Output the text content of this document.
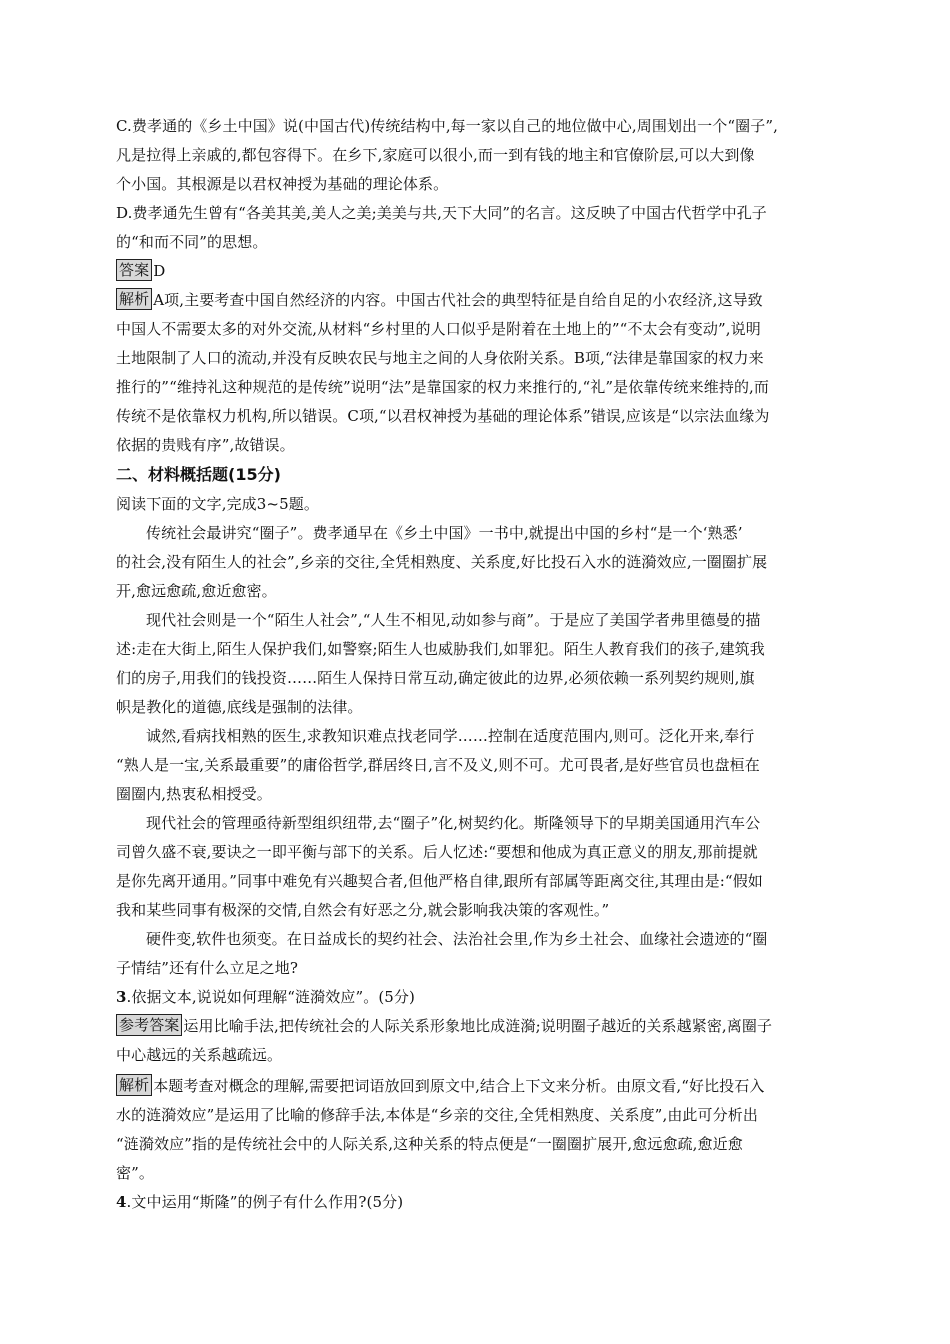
C.费孝通的《乡土中国》说(中国古代)传统结构中,每一家以自己的地位做中心,周围划出一个“圈子”,
凡是拉得上亲戚的,都包容得下。在乡下,家庭可以很小,而一到有钱的地主和官僚阶层,可以大到像
个小国。其根源是以君权神授为基础的理论体系。
D.费孝通先生曾有“各美其美,美人之美;美美与共,天下大同”的名言。这反映了中国古代哲学中孔子
的“和而不同”的思想。
答案 D
解析 A项,主要考查中国自然经济的内容。中国古代社会的典型特征是自给自足的小农经济,这导致
中国人不需要太多的对外交流,从材料“乡村里的人口似乎是附着在土地上的”“不太会有变动”,说明
土地限制了人口的流动,并没有反映农民与地主之间的人身依附关系。B项,“法律是靠国家的权力来
推行的”“维持礼这种规范的是传统”说明“法”是靠国家的权力来推行的,“礼”是依靠传统来维持的,而
传统不是依靠权力机构,所以错误。C项,“以君权神授为基础的理论体系”错误,应该是“以宗法血缘为
依据的贵贱有序”,故错误。
二、材料概括题(15分)
阅读下面的文字,完成3~5题。
传统社会最讲究“圈子”。费孝通早在《乡土中国》一书中,就提出中国的乡村“是一个‘熟悉’
的社会,没有陌生人的社会”,乡亲的交往,全凭相熟度、关系度,好比投石入水的涟漪效应,一圈圈扩展
开,愈远愈疏,愈近愈密。
现代社会则是一个“陌生人社会”,“人生不相见,动如参与商”。于是应了美国学者弗里德曼的描
述:走在大街上,陌生人保护我们,如警察;陌生人也威胁我们,如罪犯。陌生人教育我们的孩子,建筑我
们的房子,用我们的钱投资……陌生人保持日常互动,确定彼此的边界,必须依赖一系列契约规则,旗
帜是教化的道德,底线是强制的法律。
诚然,看病找相熟的医生,求教知识难点找老同学……控制在适度范围内,则可。泛化开来,奉行
“熟人是一宝,关系最重要”的庸俗哲学,群居终日,言不及义,则不可。尤可畏者,是好些官员也盘桓在
圈圈内,热衷私相授受。
现代社会的管理亟待新型组织纽带,去“圈子”化,树契约化。斯隆领导下的早期美国通用汽车公
司曾久盛不衰,要诀之一即平衡与部下的关系。后人忆述:“要想和他成为真正意义的朋友,那前提就
是你先离开通用。”同事中难免有兴趣契合者,但他严格自律,跟所有部属等距离交往,其理由是:“假如
我和某些同事有极深的交情,自然会有好恶之分,就会影响我决策的客观性。”
硬件变,软件也须变。在日益成长的契约社会、法治社会里,作为乡土社会、血缘社会遗迹的“圈
子情结”还有什么立足之地?
3.依据文本,说说如何理解“涟漪效应”。(5分)
参考答案 运用比喻手法,把传统社会的人际关系形象地比成涟漪;说明圈子越近的关系越紧密,离圈子
中心越远的关系越疏远。
解析 本题考查对概念的理解,需要把词语放回到原文中,结合上下文来分析。由原文看,“好比投石入
水的涟漪效应”是运用了比喻的修辞手法,本体是“乡亲的交往,全凭相熟度、关系度”,由此可分析出
“涟漪效应”指的是传统社会中的人际关系,这种关系的特点便是“一圈圈扩展开,愈远愈疏,愈近愈
密”。
4.文中运用“斯隆”的例子有什么作用?(5分)
